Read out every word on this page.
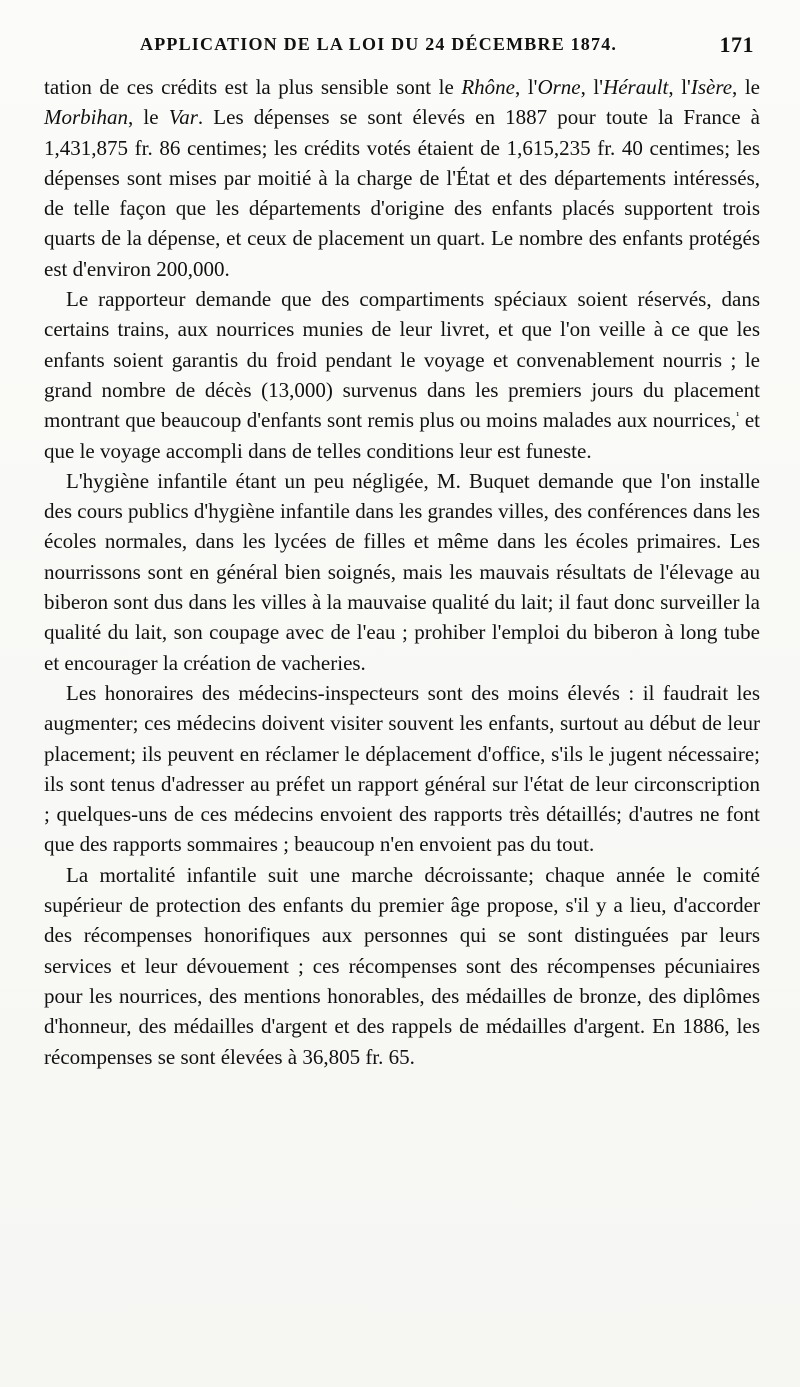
APPLICATION DE LA LOI DU 24 DÉCEMBRE 1874.	171

tation de ces crédits est la plus sensible sont le Rhône, l'Orne, l'Hérault, l'Isère, le Morbihan, le Var. Les dépenses se sont élevés en 1887 pour toute la France à 1,431,875 fr. 86 centimes; les crédits votés étaient de 1,615,235 fr. 40 centimes; les dépenses sont mises par moitié à la charge de l'État et des départements intéressés, de telle façon que les départements d'origine des enfants placés supportent trois quarts de la dépense, et ceux de placement un quart. Le nombre des enfants protégés est d'environ 200,000.

Le rapporteur demande que des compartiments spéciaux soient réservés, dans certains trains, aux nourrices munies de leur livret, et que l'on veille à ce que les enfants soient garantis du froid pendant le voyage et convenablement nourris ; le grand nombre de décès (13,000) survenus dans les premiers jours du placement montrant que beaucoup d'enfants sont remis plus ou moins malades aux nourrices,$^{^1}$ et que le voyage accompli dans de telles conditions leur est funeste.

L'hygiène infantile étant un peu négligée, M. Buquet demande que l'on installe des cours publics d'hygiène infantile dans les grandes villes, des conférences dans les écoles normales, dans les lycées de filles et même dans les écoles primaires. Les nourrissons sont en général bien soignés, mais les mauvais résultats de l'élevage au biberon sont dus dans les villes à la mauvaise qualité du lait; il faut donc surveiller la qualité du lait, son coupage avec de l'eau ; prohiber l'emploi du biberon à long tube et encourager la création de vacheries.

Les honoraires des médecins-inspecteurs sont des moins élevés : il faudrait les augmenter; ces médecins doivent visiter souvent les enfants, surtout au début de leur placement; ils peuvent en réclamer le déplacement d'office, s'ils le jugent nécessaire; ils sont tenus d'adresser au préfet un rapport général sur l'état de leur circonscription ; quelques-uns de ces médecins envoient des rapports très détaillés; d'autres ne font que des rapports sommaires ; beaucoup n'en envoient pas du tout.

La mortalité infantile suit une marche décroissante; chaque année le comité supérieur de protection des enfants du premier âge propose, s'il y a lieu, d'accorder des récompenses honorifiques aux personnes qui se sont distinguées par leurs services et leur dévouement ; ces récompenses sont des récompenses pécuniaires pour les nourrices, des mentions honorables, des médailles de bronze, des diplômes d'honneur, des médailles d'argent et des rappels de médailles d'argent. En 1886, les récompenses se sont élevées à 36,805 fr. 65.
